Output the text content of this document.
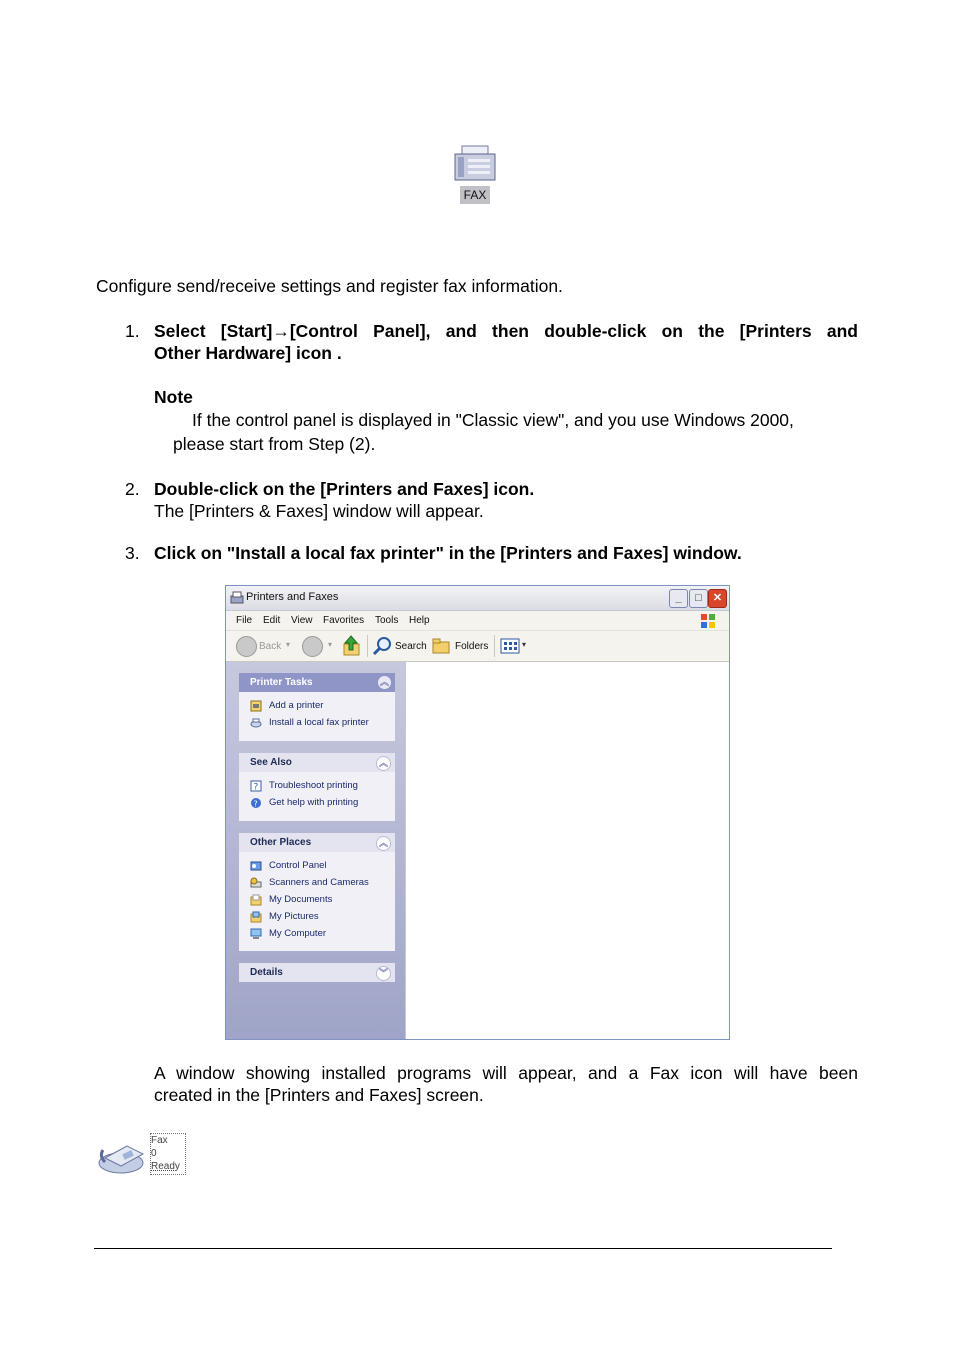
FAX
Configure send/receive settings and register fax information.
1. Select [Start]→[Control Panel], and then double-click on the [Printers and
Other Hardware] icon .
Note
If the control panel is displayed in "Classic view", and you use Windows 2000,
please start from Step (2).
2. Double-click on the [Printers and Faxes] icon.
The [Printers & Faxes] window will appear.
3. Click on "Install a local fax printer" in the [Printers and Faxes] window.
Printers and Faxes	_	□	✕
File Edit View Favorites Tools Help
Back ▾	▾	Search	Folders	▾
Printer Tasks	︽
Add a printer
Install a local fax printer
See Also	︽
? Troubleshoot printing
? Get help with printing
Other Places	︽
Control Panel
Scanners and Cameras
My Documents
My Pictures
My Computer
Details	︾
A window showing installed programs will appear, and a Fax icon will have been
created in the [Printers and Faxes] screen.
Fax
0
Ready
